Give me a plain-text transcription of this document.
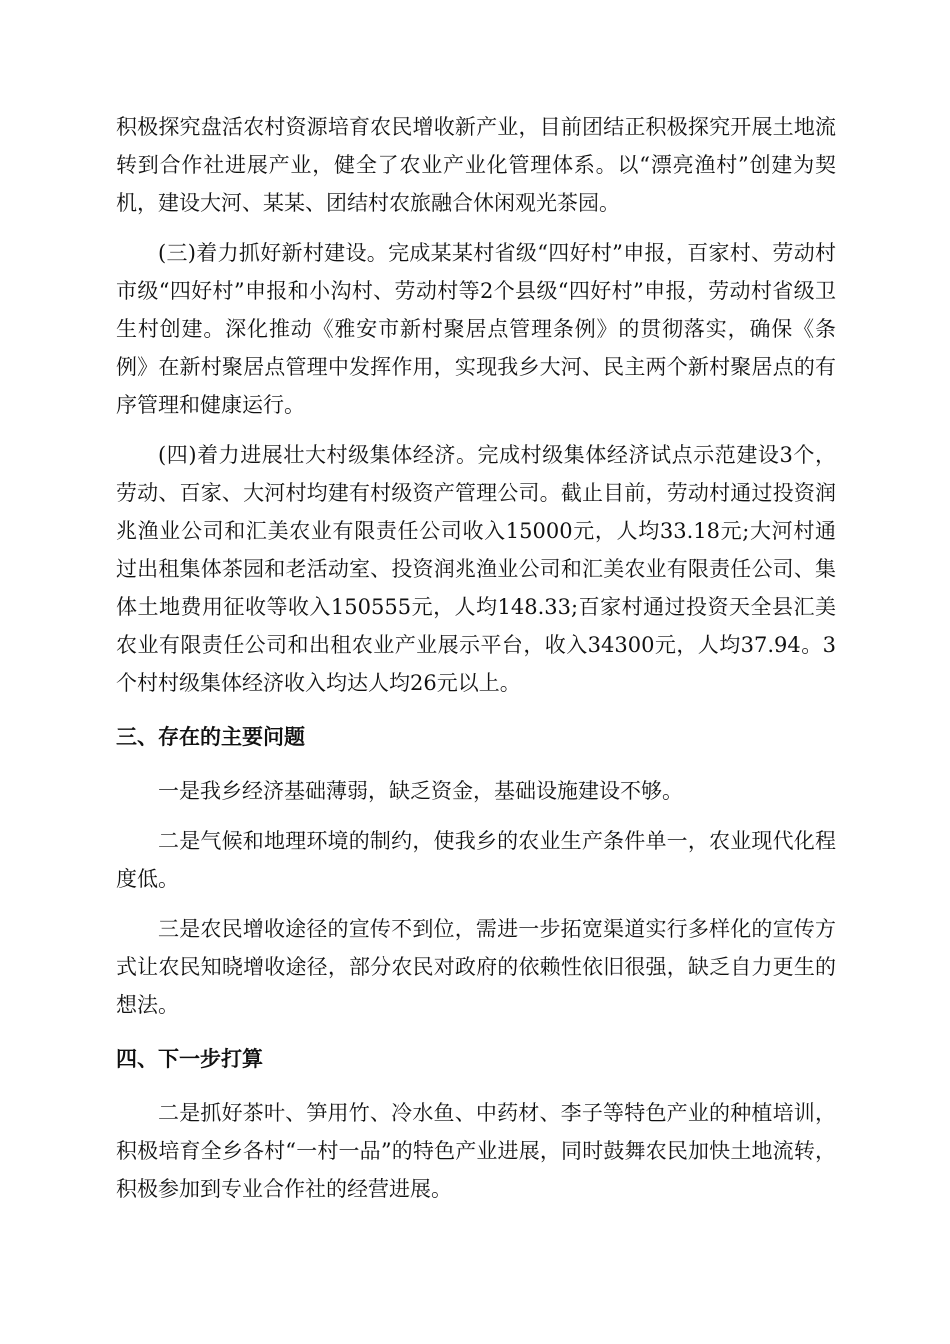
积极探究盘活农村资源培育农民增收新产业，目前团结正积极探究开展土地流转到合作社进展产业，健全了农业产业化管理体系。以“漂亮渔村”创建为契机，建设大河、某某、团结村农旅融合休闲观光茶园。

(三)着力抓好新村建设。完成某某村省级“四好村”申报，百家村、劳动村市级“四好村”申报和小沟村、劳动村等2个县级“四好村”申报，劳动村省级卫生村创建。深化推动《雅安市新村聚居点管理条例》的贯彻落实，确保《条例》在新村聚居点管理中发挥作用，实现我乡大河、民主两个新村聚居点的有序管理和健康运行。

(四)着力进展壮大村级集体经济。完成村级集体经济试点示范建设3个，劳动、百家、大河村均建有村级资产管理公司。截止目前，劳动村通过投资润兆渔业公司和汇美农业有限责任公司收入15000元，人均33.18元;大河村通过出租集体茶园和老活动室、投资润兆渔业公司和汇美农业有限责任公司、集体土地费用征收等收入150555元，人均148.33;百家村通过投资天全县汇美农业有限责任公司和出租农业产业展示平台，收入34300元，人均37.94。3个村村级集体经济收入均达人均26元以上。

三、存在的主要问题

一是我乡经济基础薄弱，缺乏资金，基础设施建设不够。

二是气候和地理环境的制约，使我乡的农业生产条件单一，农业现代化程度低。

三是农民增收途径的宣传不到位，需进一步拓宽渠道实行多样化的宣传方式让农民知晓增收途径，部分农民对政府的依赖性依旧很强，缺乏自力更生的想法。

四、下一步打算

二是抓好茶叶、笋用竹、冷水鱼、中药材、李子等特色产业的种植培训，积极培育全乡各村“一村一品”的特色产业进展，同时鼓舞农民加快土地流转，积极参加到专业合作社的经营进展。
